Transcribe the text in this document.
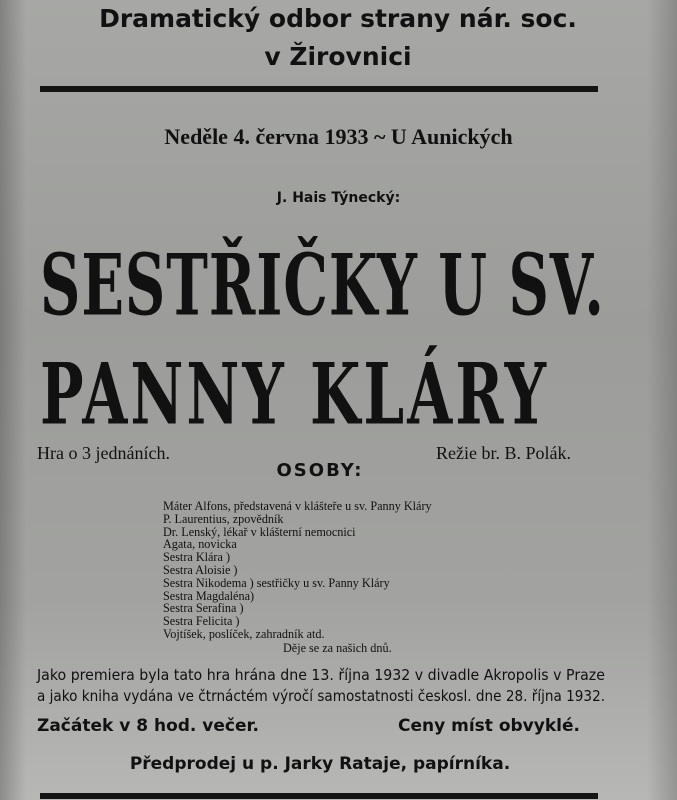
Dramatický odbor strany nár. soc.
v Žirovnici
Neděle 4. června 1933 ~ U Aunických
J. Hais Týnecký:
SESTŘIČKY U SV.
PANNY KLÁRY
Hra o 3 jednáních.	Režie br. B. Polák.
OSOBY:
Máter Alfons, představená v klášteře u sv. Panny Kláry
P. Laurentius, zpovědník
Dr. Lenský, lékař v klášterní nemocnici
Agata, novicka
Sestra Klára )
Sestra Aloisie )
Sestra Nikodema ) sestřičky u sv. Panny Kláry
Sestra Magdaléna)
Sestra Serafina )
Sestra Felicita )
Vojtíšek, poslíček, zahradník atd.
Děje se za našich dnů.
Jako premiera byla tato hra hrána dne 13. října 1932 v divadle Akropolis v Praze
a jako kniha vydána ve čtrnáctém výročí samostatnosti českosl. dne 28. října 1932.
Začátek v 8 hod. večer.	Ceny míst obvyklé.
Předprodej u p. Jarky Rataje, papírníka.
